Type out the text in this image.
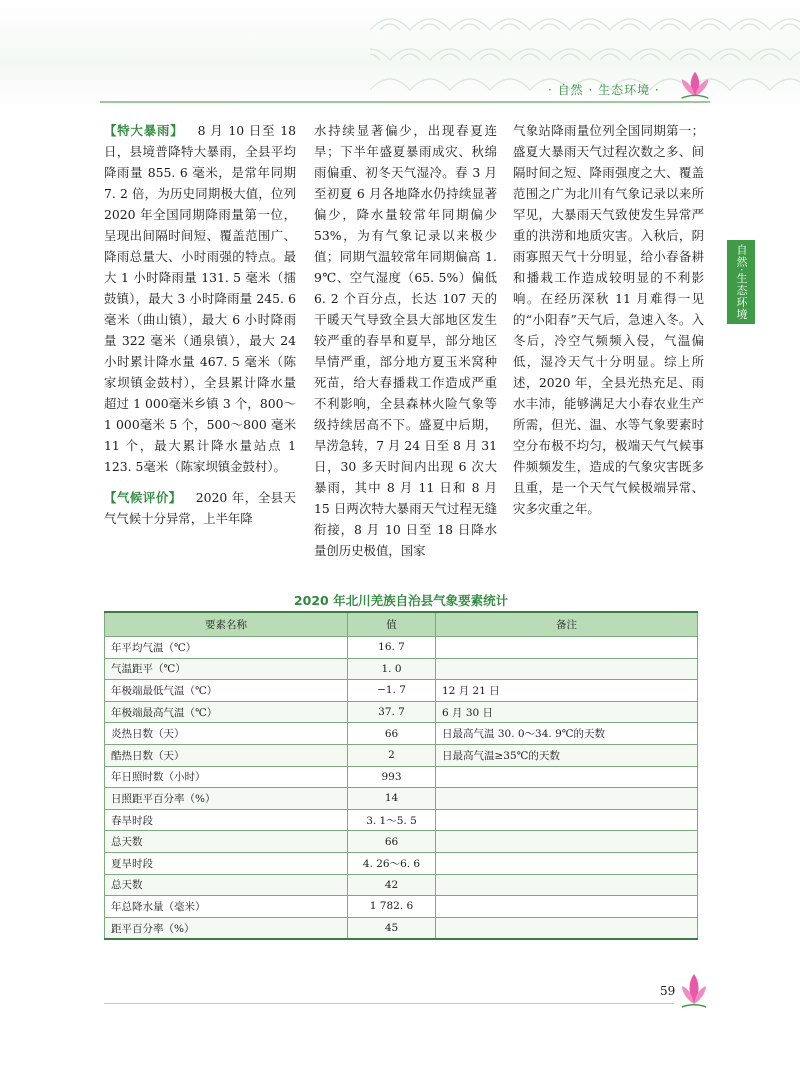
· 自然 · 生态环境 ·
自然·生态环境

【特大暴雨】 8 月 10 日至 18 日，县境普降特大暴雨，全县平均降雨量 855. 6 毫米，是常年同期 7. 2 倍，为历史同期极大值，位列 2020 年全国同期降雨量第一位，呈现出间隔时间短、覆盖范围广、降雨总量大、小时雨强的特点。最大 1 小时降雨量 131. 5 毫米（擂鼓镇），最大 3 小时降雨量 245. 6 毫米（曲山镇），最大 6 小时降雨量 322 毫米（通泉镇），最大 24 小时累计降水量 467. 5 毫米（陈家坝镇金鼓村），全县累计降水量超过 1 000毫米乡镇 3 个，800～1 000毫米 5 个，500～800 毫米 11 个，最大累计降水量站点 1 123. 5毫米（陈家坝镇金鼓村）。

【气候评价】 2020 年，全县天气气候十分异常，上半年降

水持续显著偏少，出现春夏连旱；下半年盛夏暴雨成灾、秋绵雨偏重、初冬天气湿冷。春 3 月至初夏 6 月各地降水仍持续显著偏少，降水量较常年同期偏少 53%，为有气象记录以来极少值；同期气温较常年同期偏高 1. 9℃、空气湿度（65. 5%）偏低 6. 2 个百分点，长达 107 天的干暖天气导致全县大部地区发生较严重的春旱和夏旱，部分地区旱情严重，部分地方夏玉米窝种死苗，给大春播栽工作造成严重不利影响，全县森林火险气象等级持续居高不下。盛夏中后期，旱涝急转，7 月 24 日至 8 月 31 日，30 多天时间内出现 6 次大暴雨，其中 8 月 11 日和 8 月 15 日两次特大暴雨天气过程无缝衔接，8 月 10 日至 18 日降水量创历史极值，国家

气象站降雨量位列全国同期第一；盛夏大暴雨天气过程次数之多、间隔时间之短、降雨强度之大、覆盖范围之广为北川有气象记录以来所罕见，大暴雨天气致使发生异常严重的洪涝和地质灾害。入秋后，阴雨寡照天气十分明显，给小春备耕和播栽工作造成较明显的不利影响。在经历深秋 11 月难得一见的“小阳春”天气后，急速入冬。入冬后，冷空气频频入侵，气温偏低，湿冷天气十分明显。综上所述，2020 年，全县光热充足、雨水丰沛，能够满足大小春农业生产所需，但光、温、水等气象要素时空分布极不均匀，极端天气气候事件频频发生，造成的气象灾害既多且重，是一个天气气候极端异常、灾多灾重之年。

2020 年北川羌族自治县气象要素统计
要素名称	值	备注
年平均气温（℃）	16. 7	
气温距平（℃）	1. 0	
年极端最低气温（℃）	−1. 7	12 月 21 日
年极端最高气温（℃）	37. 7	6 月 30 日
炎热日数（天）	66	日最高气温 30. 0～34. 9℃的天数
酷热日数（天）	2	日最高气温≥35℃的天数
年日照时数（小时）	993	
日照距平百分率（%）	14	
春旱时段	3. 1～5. 5	
总天数	66	
夏旱时段	4. 26～6. 6	
总天数	42	
年总降水量（毫米）	1 782. 6	
距平百分率（%）	45	
59
